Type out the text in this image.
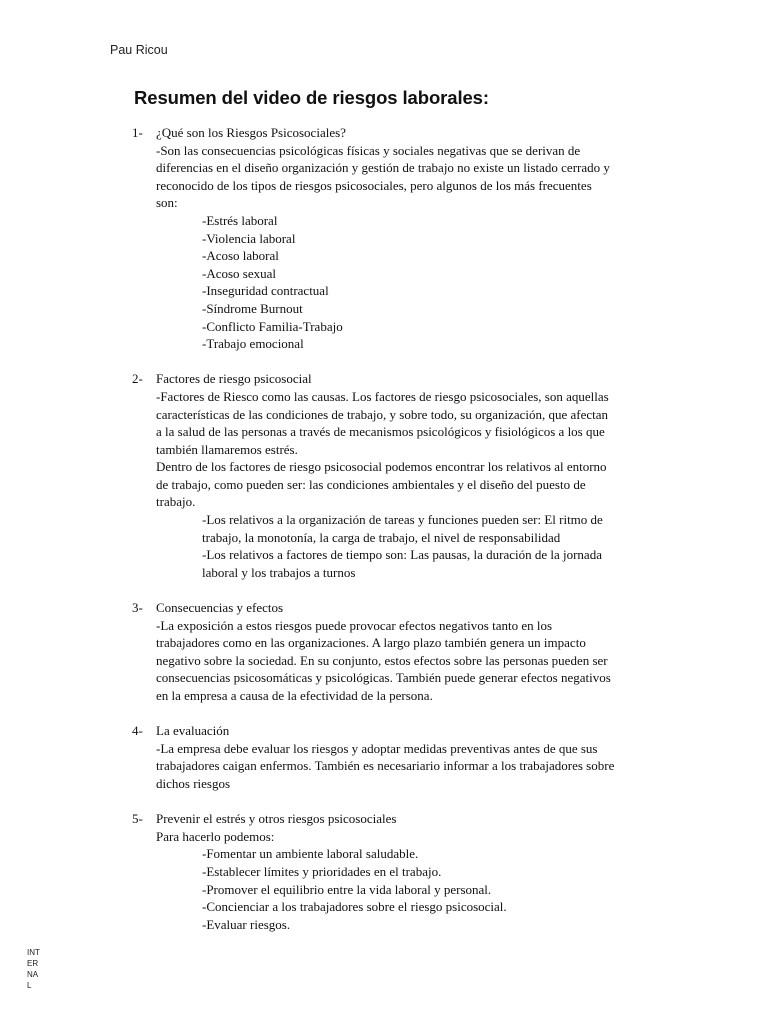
Pau Ricou
Resumen del video de riesgos laborales:
1- ¿Qué son los Riesgos Psicosociales?
-Son las consecuencias psicológicas físicas y sociales negativas que se derivan de
diferencias en el diseño organización y gestión de trabajo no existe un listado cerrado y
reconocido de los tipos de riesgos psicosociales, pero algunos de los más frecuentes
son:
-Estrés laboral
-Violencia laboral
-Acoso laboral
-Acoso sexual
-Inseguridad contractual
-Síndrome Burnout
-Conflicto Familia-Trabajo
-Trabajo emocional
2- Factores de riesgo psicosocial
-Factores de Riesco como las causas. Los factores de riesgo psicosociales, son aquellas
características de las condiciones de trabajo, y sobre todo, su organización, que afectan
a la salud de las personas a través de mecanismos psicológicos y fisiológicos a los que
también llamaremos estrés.
Dentro de los factores de riesgo psicosocial podemos encontrar los relativos al entorno
de trabajo, como pueden ser: las condiciones ambientales y el diseño del puesto de
trabajo.
-Los relativos a la organización de tareas y funciones pueden ser: El ritmo de
trabajo, la monotonía, la carga de trabajo, el nivel de responsabilidad
-Los relativos a factores de tiempo son: Las pausas, la duración de la jornada
laboral y los trabajos a turnos
3- Consecuencias y efectos
-La exposición a estos riesgos puede provocar efectos negativos tanto en los
trabajadores como en las organizaciones. A largo plazo también genera un impacto
negativo sobre la sociedad. En su conjunto, estos efectos sobre las personas pueden ser
consecuencias psicosomáticas y psicológicas. También puede generar efectos negativos
en la empresa a causa de la efectividad de la persona.
4- La evaluación
-La empresa debe evaluar los riesgos y adoptar medidas preventivas antes de que sus
trabajadores caigan enfermos. También es necesariario informar a los trabajadores sobre
dichos riesgos
5- Prevenir el estrés y otros riesgos psicosociales
Para hacerlo podemos:
-Fomentar un ambiente laboral saludable.
-Establecer límites y prioridades en el trabajo.
-Promover el equilibrio entre la vida laboral y personal.
-Concienciar a los trabajadores sobre el riesgo psicosocial.
-Evaluar riesgos.
INT
ER
NA
L
